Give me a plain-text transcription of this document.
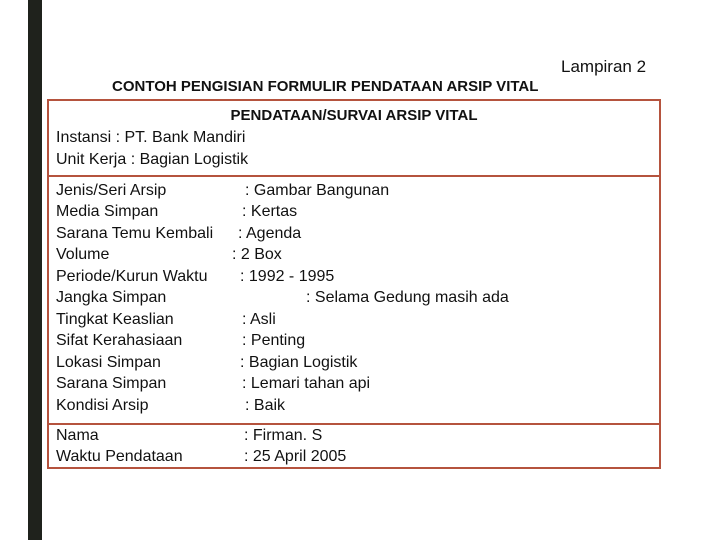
Lampiran 2
CONTOH PENGISIAN FORMULIR PENDATAAN ARSIP VITAL
PENDATAAN/SURVAI ARSIP VITAL
Instansi : PT. Bank Mandiri
Unit Kerja : Bagian Logistik
Jenis/Seri Arsip	: Gambar Bangunan
Media Simpan	: Kertas
Sarana Temu Kembali : Agenda
Volume	: 2 Box
Periode/Kurun Waktu : 1992 - 1995
Jangka Simpan	: Selama Gedung masih ada
Tingkat Keaslian	: Asli
Sifat Kerahasiaan	: Penting
Lokasi Simpan	: Bagian Logistik
Sarana Simpan	: Lemari tahan api
Kondisi Arsip	: Baik
Nama	: Firman. S
Waktu Pendataan	: 25 April 2005
